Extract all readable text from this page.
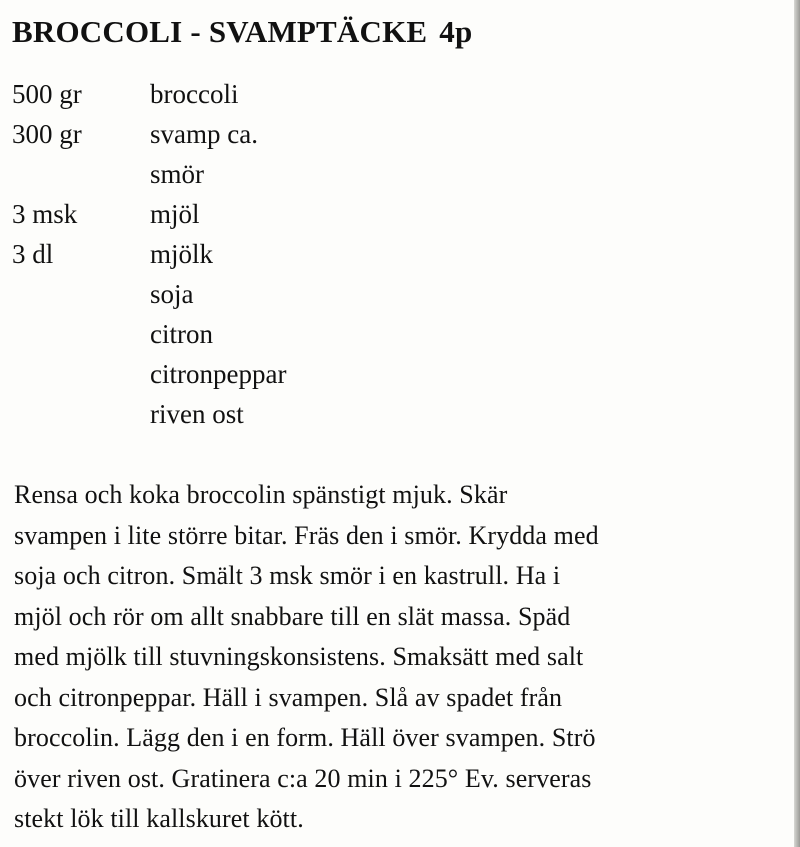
BROCCOLI - SVAMPTÄCKE 4p
500 gr	broccoli
300 gr	svamp ca.
smör
3 msk	mjöl
3 dl	mjölk
soja
citron
citronpeppar
riven ost
Rensa och koka broccolin spänstigt mjuk. Skär
svampen i lite större bitar. Fräs den i smör. Krydda med
soja och citron. Smält 3 msk smör i en kastrull. Ha i
mjöl och rör om allt snabbare till en slät massa. Späd
med mjölk till stuvningskonsistens. Smaksätt med salt
och citronpeppar. Häll i svampen. Slå av spadet från
broccolin. Lägg den i en form. Häll över svampen. Strö
över riven ost. Gratinera c:a 20 min i 225° Ev. serveras
stekt lök till kallskuret kött.
